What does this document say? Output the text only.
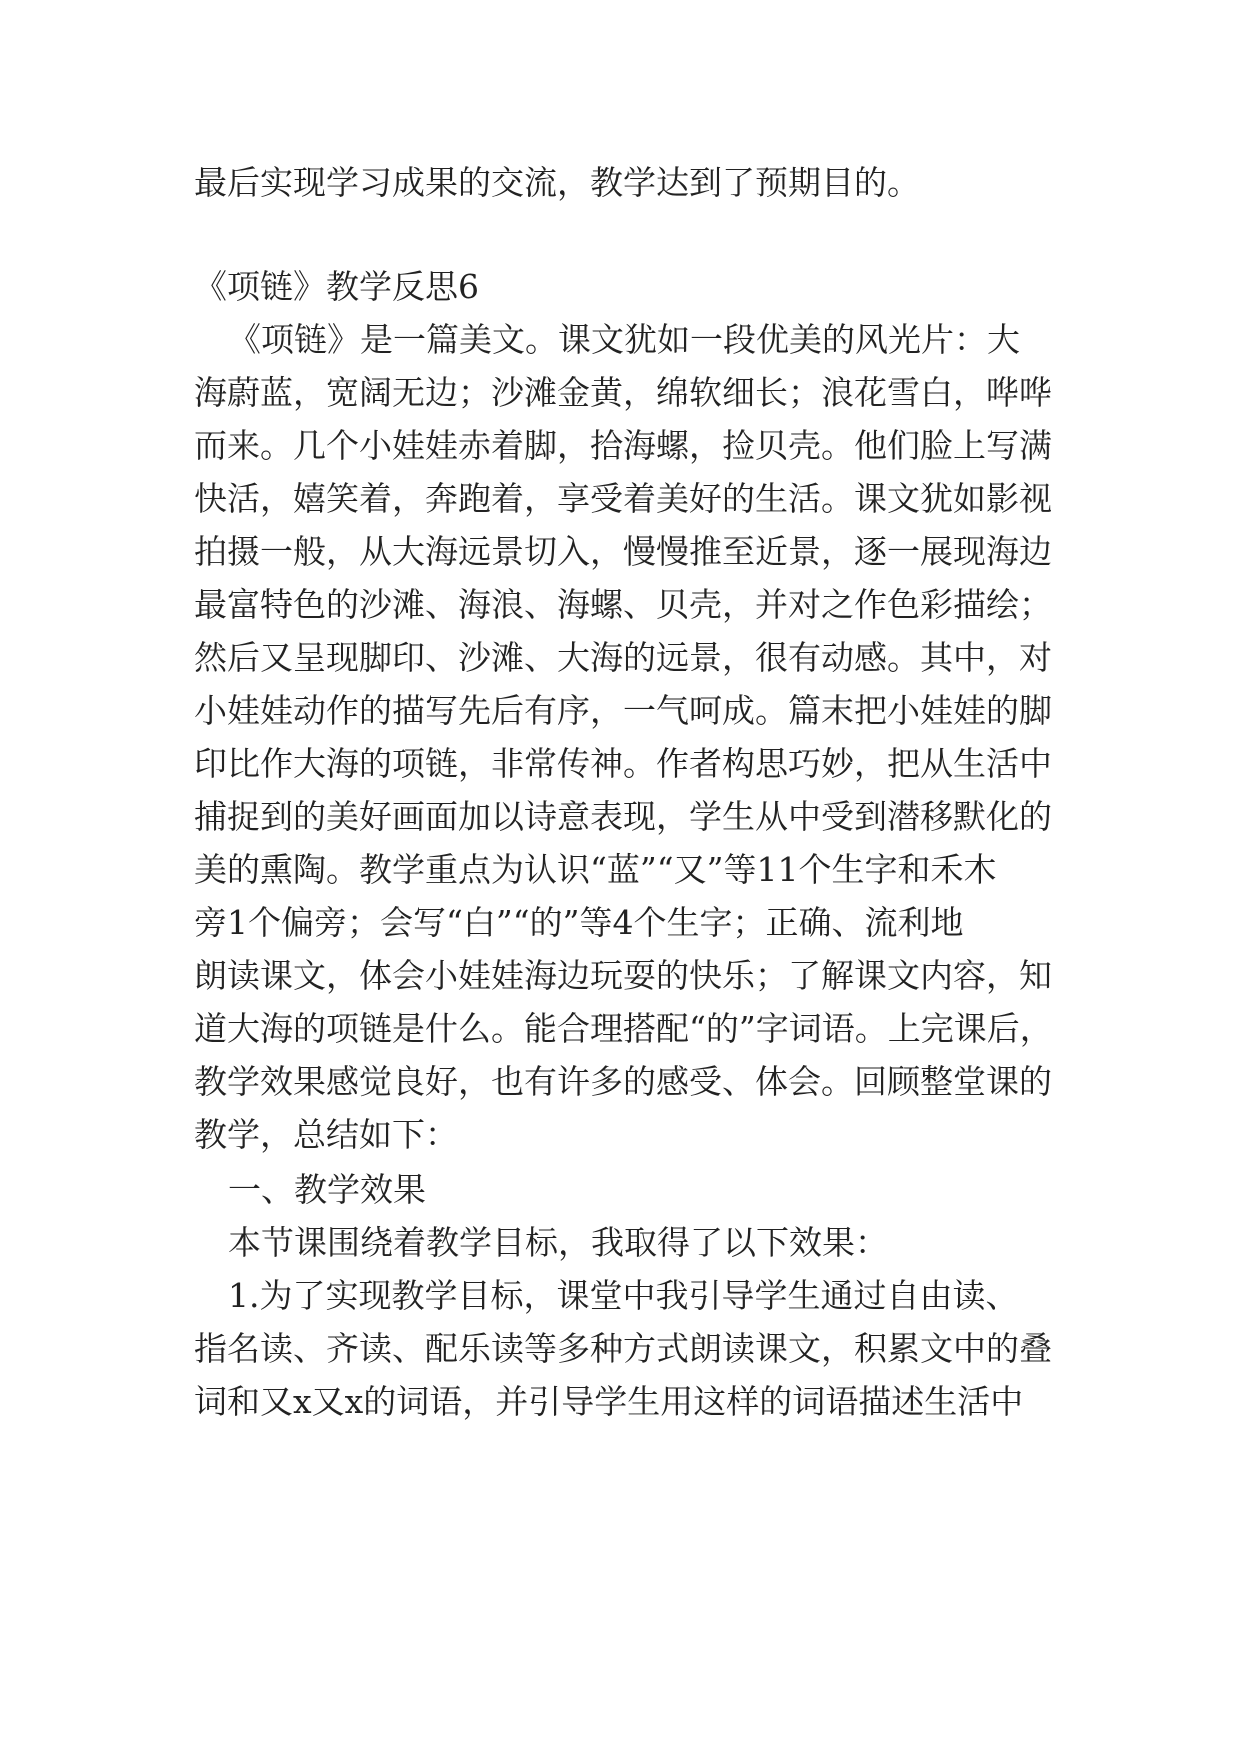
最后实现学习成果的交流，教学达到了预期目的。
《项链》教学反思6
《项链》是一篇美文。课文犹如一段优美的风光片：大
海蔚蓝，宽阔无边；沙滩金黄，绵软细长；浪花雪白，哗哗
而来。几个小娃娃赤着脚，拾海螺，捡贝壳。他们脸上写满
快活，嬉笑着，奔跑着，享受着美好的生活。课文犹如影视
拍摄一般，从大海远景切入，慢慢推至近景，逐一展现海边
最富特色的沙滩、海浪、海螺、贝壳，并对之作色彩描绘；
然后又呈现脚印、沙滩、大海的远景，很有动感。其中，对
小娃娃动作的描写先后有序，一气呵成。篇末把小娃娃的脚
印比作大海的项链，非常传神。作者构思巧妙，把从生活中
捕捉到的美好画面加以诗意表现，学生从中受到潜移默化的
美的熏陶。教学重点为认识“蓝”“又”等11个生字和禾木
旁1个偏旁；会写“白”“的”等4个生字；正确、流利地
朗读课文，体会小娃娃海边玩耍的快乐；了解课文内容，知
道大海的项链是什么。能合理搭配“的”字词语。上完课后，
教学效果感觉良好，也有许多的感受、体会。回顾整堂课的
教学，总结如下：
一、教学效果
本节课围绕着教学目标，我取得了以下效果：
1.为了实现教学目标，课堂中我引导学生通过自由读、
指名读、齐读、配乐读等多种方式朗读课文，积累文中的叠
词和又x又x的词语，并引导学生用这样的词语描述生活中
